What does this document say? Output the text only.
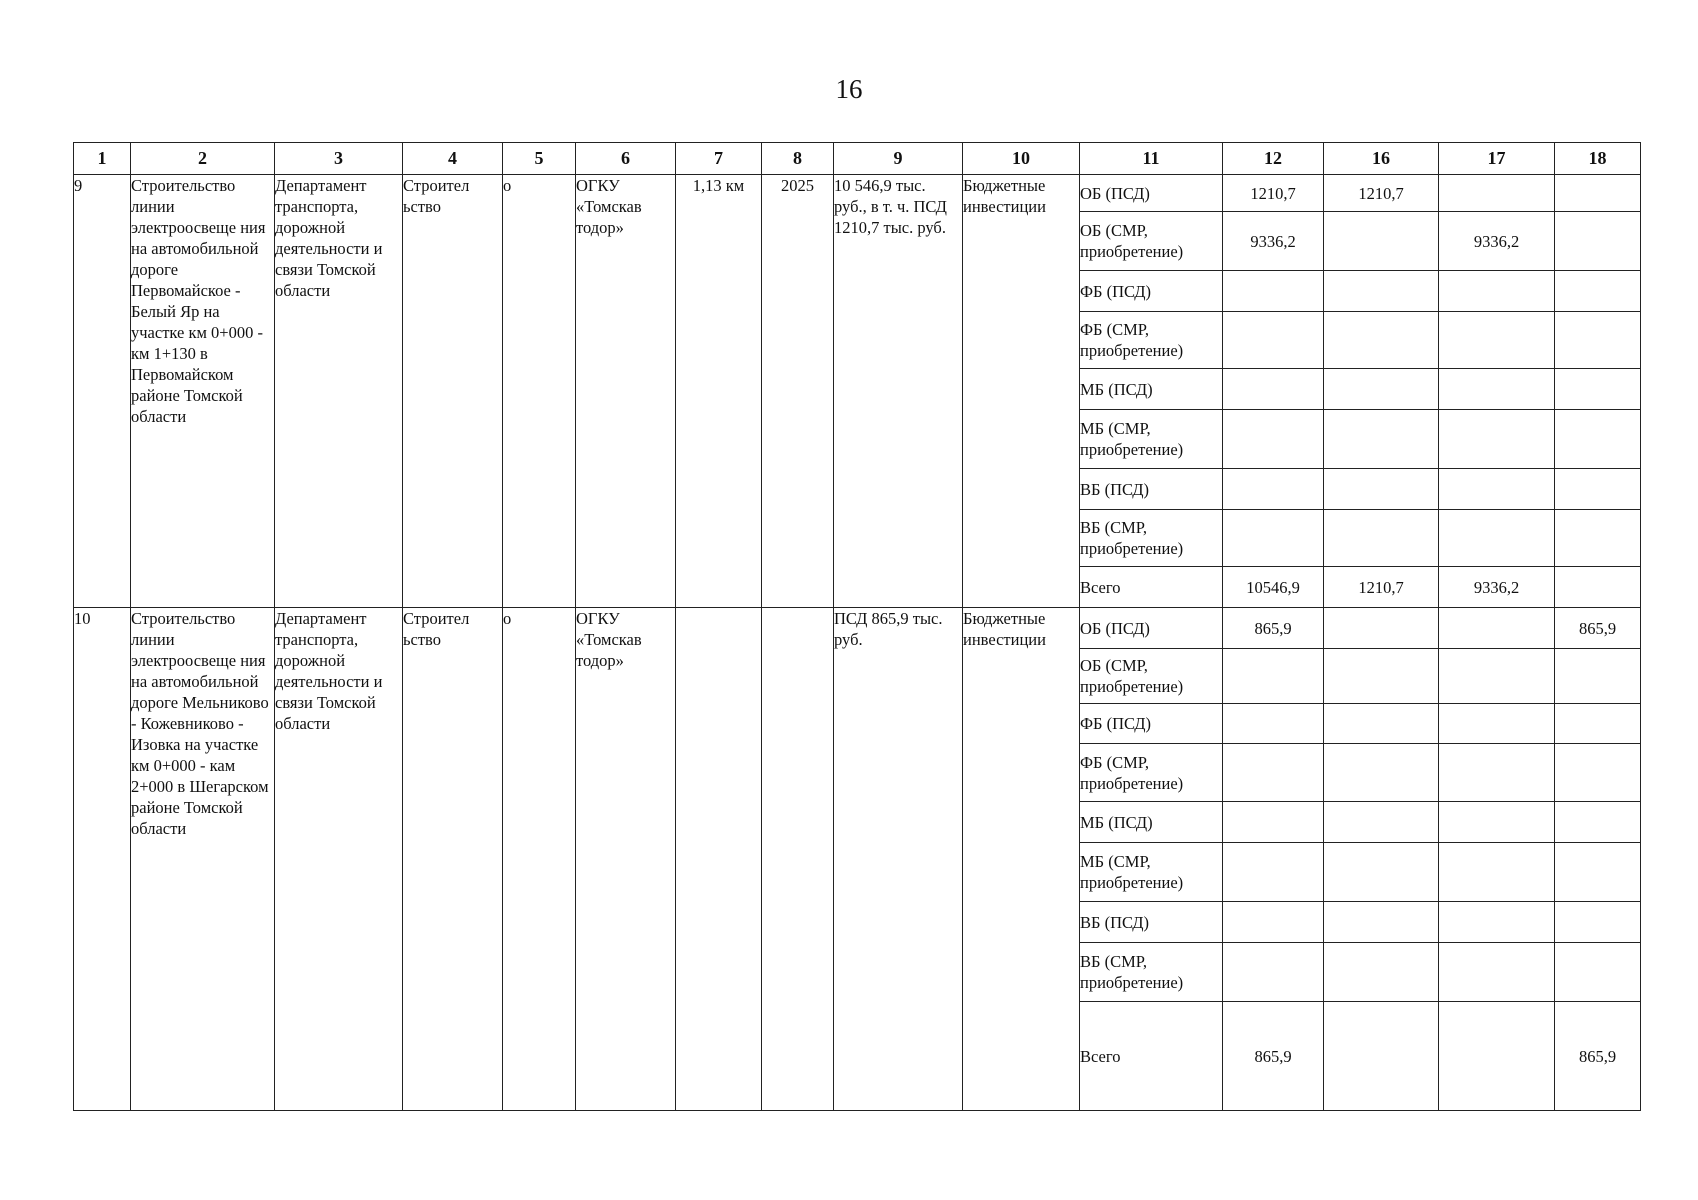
16
1	2	3	4	5	6	7	8	9	10	11	12	16	17	18
9	Строительство линии электроосвеще ния на автомобильной дороге Первомайское - Белый Яр на участке км 0+000 - км 1+130 в Первомайском районе Томской области	Департамент транспорта, дорожной деятельности и связи Томской области	Строител ьство	о	ОГКУ «Томскав тодор»	1,13 км	2025	10 546,9 тыс. руб., в т. ч. ПСД 1210,7 тыс. руб.	Бюджетные инвестиции	ОБ (ПСД)	1210,7	1210,7		
										ОБ (СМР, приобретение)	9336,2		9336,2	
										ФБ (ПСД)				
										ФБ (СМР, приобретение)				
										МБ (ПСД)				
										МБ (СМР, приобретение)				
										ВБ (ПСД)				
										ВБ (СМР, приобретение)				
										Всего	10546,9	1210,7	9336,2	
10	Строительство линии электроосвеще ния на автомобильной дороге Мельниково - Кожевниково - Изовка на участке км 0+000 - кам 2+000 в Шегарском районе Томской области	Департамент транспорта, дорожной деятельности и связи Томской области	Строител ьство	о	ОГКУ «Томскав тодор»			ПСД 865,9 тыс. руб.	Бюджетные инвестиции	ОБ (ПСД)	865,9			865,9
										ОБ (СМР, приобретение)				
										ФБ (ПСД)				
										ФБ (СМР, приобретение)				
										МБ (ПСД)				
										МБ (СМР, приобретение)				
										ВБ (ПСД)				
										ВБ (СМР, приобретение)				
										Всего	865,9			865,9
